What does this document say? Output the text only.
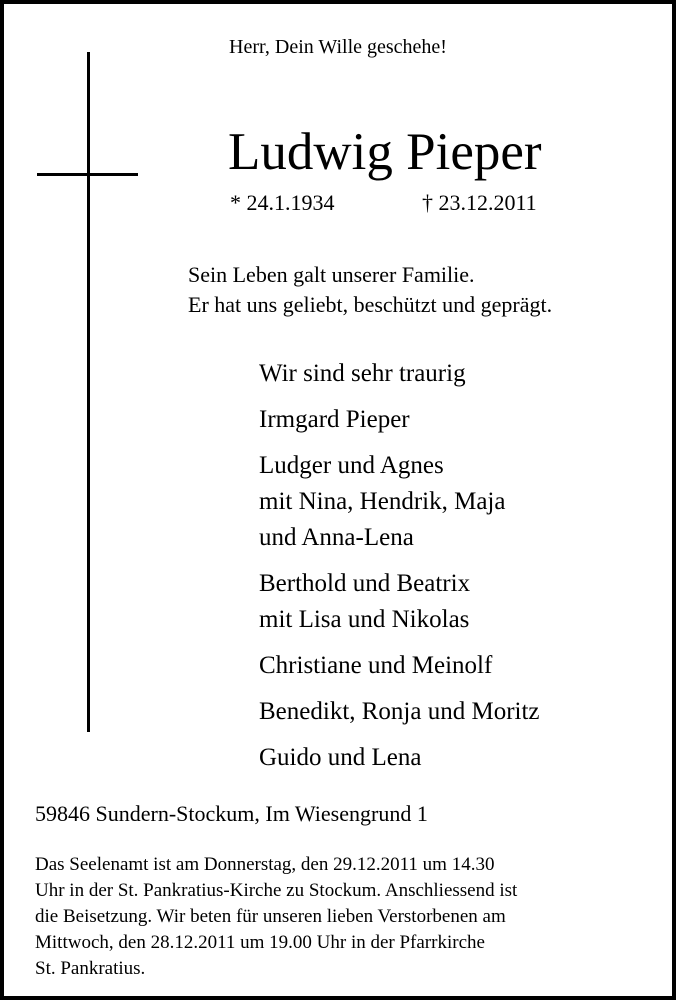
Herr, Dein Wille geschehe!
Ludwig Pieper
* 24.1.1934	† 23.12.2011
Sein Leben galt unserer Familie.
Er hat uns geliebt, beschützt und geprägt.
Wir sind sehr traurig
Irmgard Pieper
Ludger und Agnes
mit Nina, Hendrik, Maja
und Anna-Lena
Berthold und Beatrix
mit Lisa und Nikolas
Christiane und Meinolf
Benedikt, Ronja und Moritz
Guido und Lena
59846 Sundern-Stockum, Im Wiesengrund 1
Das Seelenamt ist am Donnerstag, den 29.12.2011 um 14.30
Uhr in der St. Pankratius-Kirche zu Stockum. Anschliessend ist
die Beisetzung. Wir beten für unseren lieben Verstorbenen am
Mittwoch, den 28.12.2011 um 19.00 Uhr in der Pfarrkirche
St. Pankratius.
